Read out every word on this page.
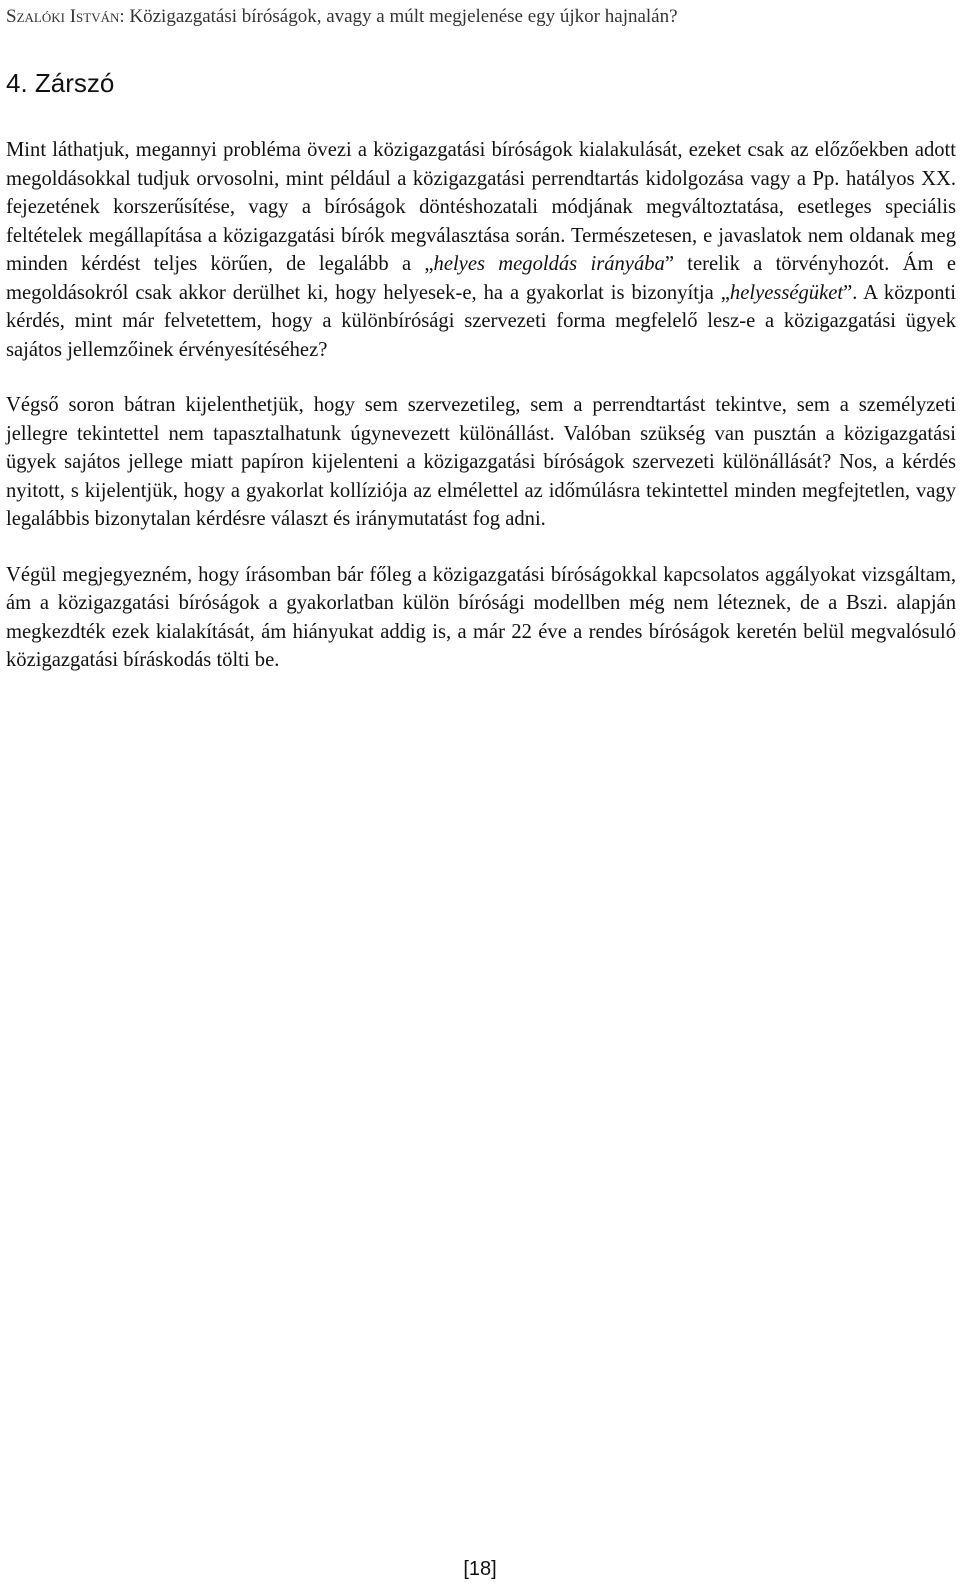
Szalóki István: Közigazgatási bíróságok, avagy a múlt megjelenése egy újkor hajnalán?
4. Zárszó

Mint láthatjuk, megannyi probléma övezi a közigazgatási bíróságok kialakulását, ezeket csak az előzőekben adott megoldásokkal tudjuk orvosolni, mint például a közigazgatási perrendtartás kidolgozása vagy a Pp. hatályos XX. fejezetének korszerűsítése, vagy a bíróságok döntéshozatali módjának megváltoztatása, esetleges speciális feltételek megállapítása a közigazgatási bírók megválasztása során. Természetesen, e javaslatok nem oldanak meg minden kérdést teljes körűen, de legalább a „helyes megoldás irányába” terelik a törvényhozót. Ám e megoldásokról csak akkor derülhet ki, hogy helyesek-e, ha a gyakorlat is bizonyítja „helyességüket”. A központi kérdés, mint már felvetettem, hogy a különbírósági szervezeti forma megfelelő lesz-e a közigazgatási ügyek sajátos jellemzőinek érvényesítéséhez?

Végső soron bátran kijelenthetjük, hogy sem szervezetileg, sem a perrendtartást tekintve, sem a személyzeti jellegre tekintettel nem tapasztalhatunk úgynevezett különállást. Valóban szükség van pusztán a közigazgatási ügyek sajátos jellege miatt papíron kijelenteni a közigazgatási bíróságok szervezeti különállását? Nos, a kérdés nyitott, s kijelentjük, hogy a gyakorlat kollíziója az elmélettel az időmúlásra tekintettel minden megfejtetlen, vagy legalábbis bizonytalan kérdésre választ és iránymutatást fog adni.

Végül megjegyezném, hogy írásomban bár főleg a közigazgatási bíróságokkal kapcsolatos aggályokat vizsgáltam, ám a közigazgatási bíróságok a gyakorlatban külön bírósági modellben még nem léteznek, de a Bszi. alapján megkezdték ezek kialakítását, ám hiányukat addig is, a már 22 éve a rendes bíróságok keretén belül megvalósuló közigazgatási bíráskodás tölti be.

[18]
